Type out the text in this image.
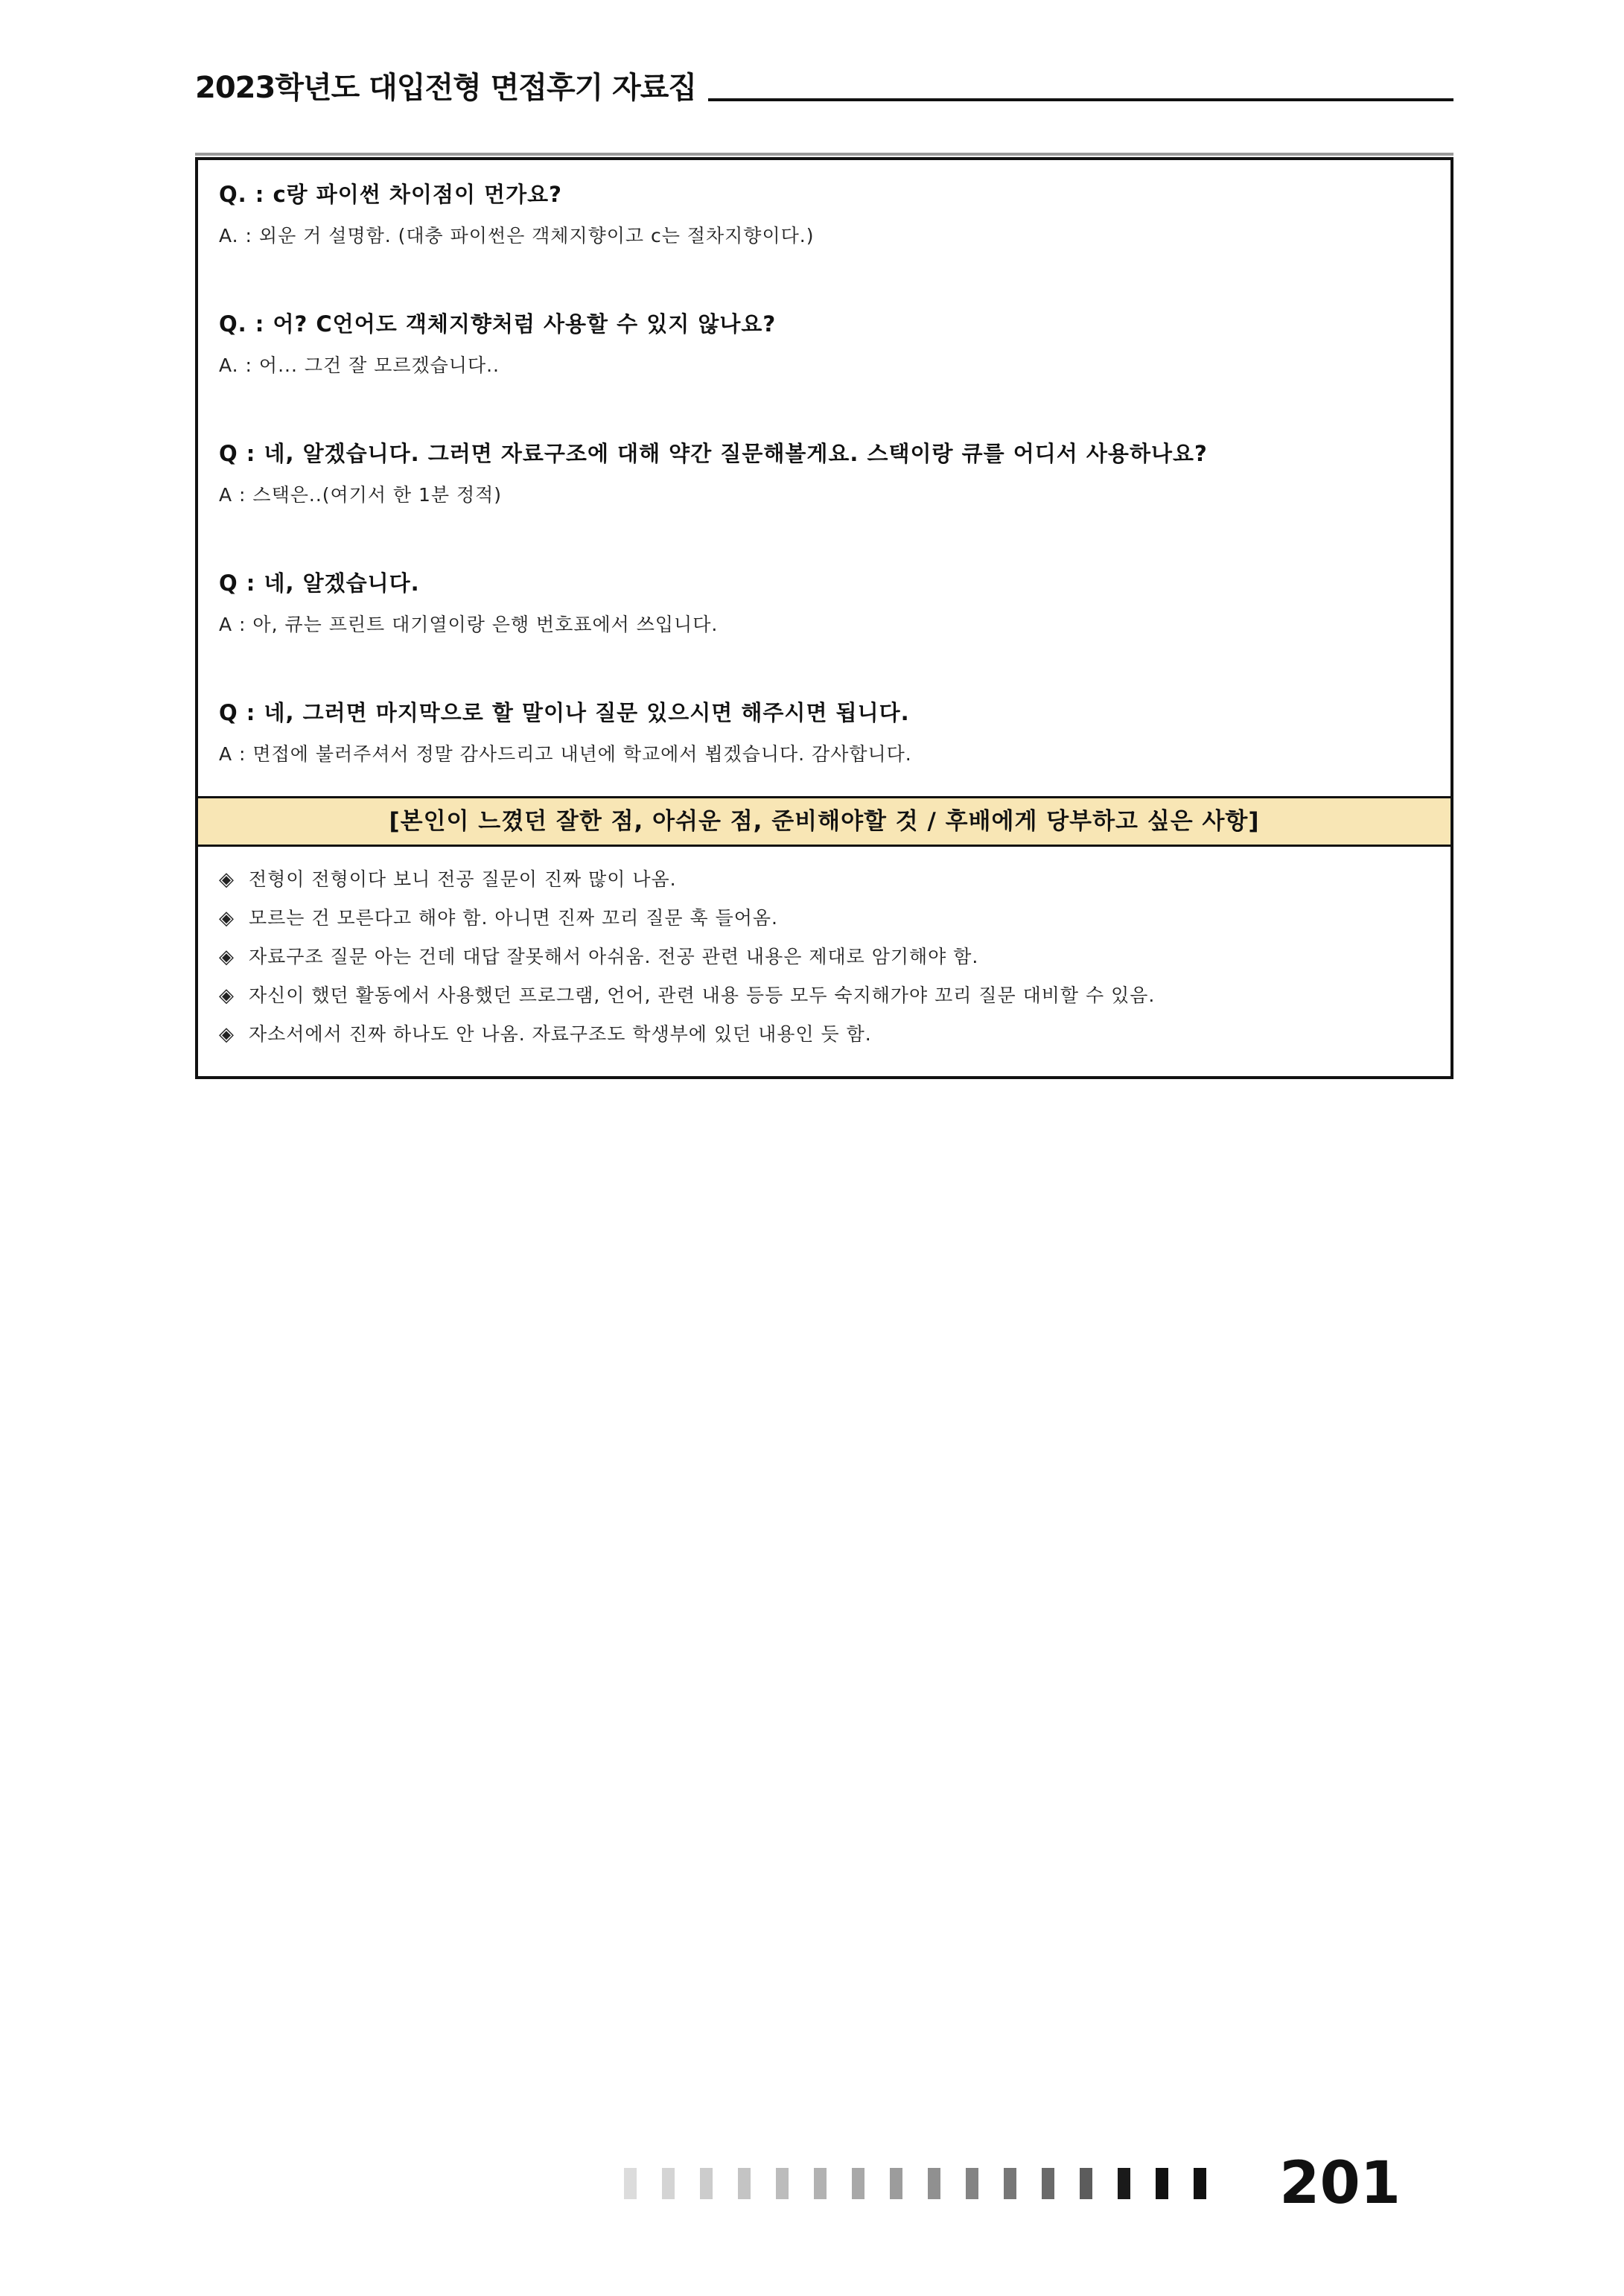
2023학년도 대입전형 면접후기 자료집
Q. : c랑 파이썬 차이점이 먼가요?
A. : 외운 거 설명함. (대충 파이썬은 객체지향이고 c는 절차지향이다.)
Q. : 어? C언어도 객체지향처럼 사용할 수 있지 않나요?
A. : 어... 그건 잘 모르겠습니다..
Q : 네, 알겠습니다. 그러면 자료구조에 대해 약간 질문해볼게요. 스택이랑 큐를 어디서 사용하나요?
A : 스택은..(여기서 한 1분 정적)
Q : 네, 알겠습니다.
A : 아, 큐는 프린트 대기열이랑 은행 번호표에서 쓰입니다.
Q : 네, 그러면 마지막으로 할 말이나 질문 있으시면 해주시면 됩니다.
A : 면접에 불러주셔서 정말 감사드리고 내년에 학교에서 뵙겠습니다. 감사합니다.
[본인이 느꼈던 잘한 점, 아쉬운 점, 준비해야할 것 / 후배에게 당부하고 싶은 사항]
◈ 전형이 전형이다 보니 전공 질문이 진짜 많이 나옴.
◈ 모르는 건 모른다고 해야 함. 아니면 진짜 꼬리 질문 훅 들어옴.
◈ 자료구조 질문 아는 건데 대답 잘못해서 아쉬움. 전공 관련 내용은 제대로 암기해야 함.
◈ 자신이 했던 활동에서 사용했던 프로그램, 언어, 관련 내용 등등 모두 숙지해가야 꼬리 질문 대비할 수 있음.
◈ 자소서에서 진짜 하나도 안 나옴. 자료구조도 학생부에 있던 내용인 듯 함.
201
